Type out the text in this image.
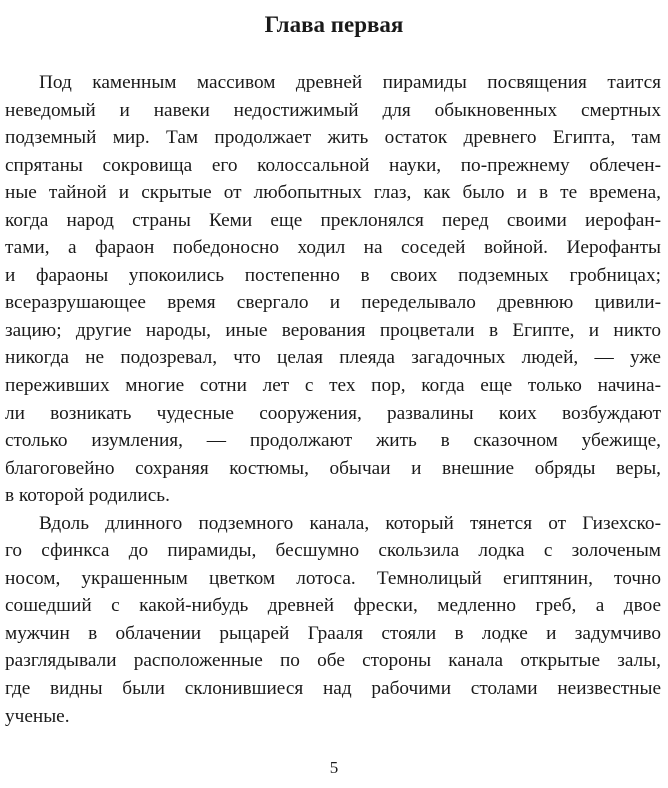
Глава первая
Под каменным массивом древней пирамиды посвящения таится
неведомый и навеки недостижимый для обыкновенных смертных
подземный мир. Там продолжает жить остаток древнего Египта, там
спрятаны сокровища его колоссальной науки, по-прежнему облечен-
ные тайной и скрытые от любопытных глаз, как было и в те времена,
когда народ страны Кеми еще преклонялся перед своими иерофан-
тами, а фараон победоносно ходил на соседей войной. Иерофанты
и фараоны упокоились постепенно в своих подземных гробницах;
всеразрушающее время свергало и переделывало древнюю цивили-
зацию; другие народы, иные верования процветали в Египте, и никто
никогда не подозревал, что целая плеяда загадочных людей, — уже
переживших многие сотни лет с тех пор, когда еще только начина-
ли возникать чудесные сооружения, развалины коих возбуждают
столько изумления, — продолжают жить в сказочном убежище,
благоговейно сохраняя костюмы, обычаи и внешние обряды веры,
в которой родились.
Вдоль длинного подземного канала, который тянется от Гизехско-
го сфинкса до пирамиды, бесшумно скользила лодка с золоченым
носом, украшенным цветком лотоса. Темнолицый египтянин, точно
сошедший с какой-нибудь древней фрески, медленно греб, а двое
мужчин в облачении рыцарей Грааля стояли в лодке и задумчиво
разглядывали расположенные по обе стороны канала открытые залы,
где видны были склонившиеся над рабочими столами неизвестные
ученые.
5
